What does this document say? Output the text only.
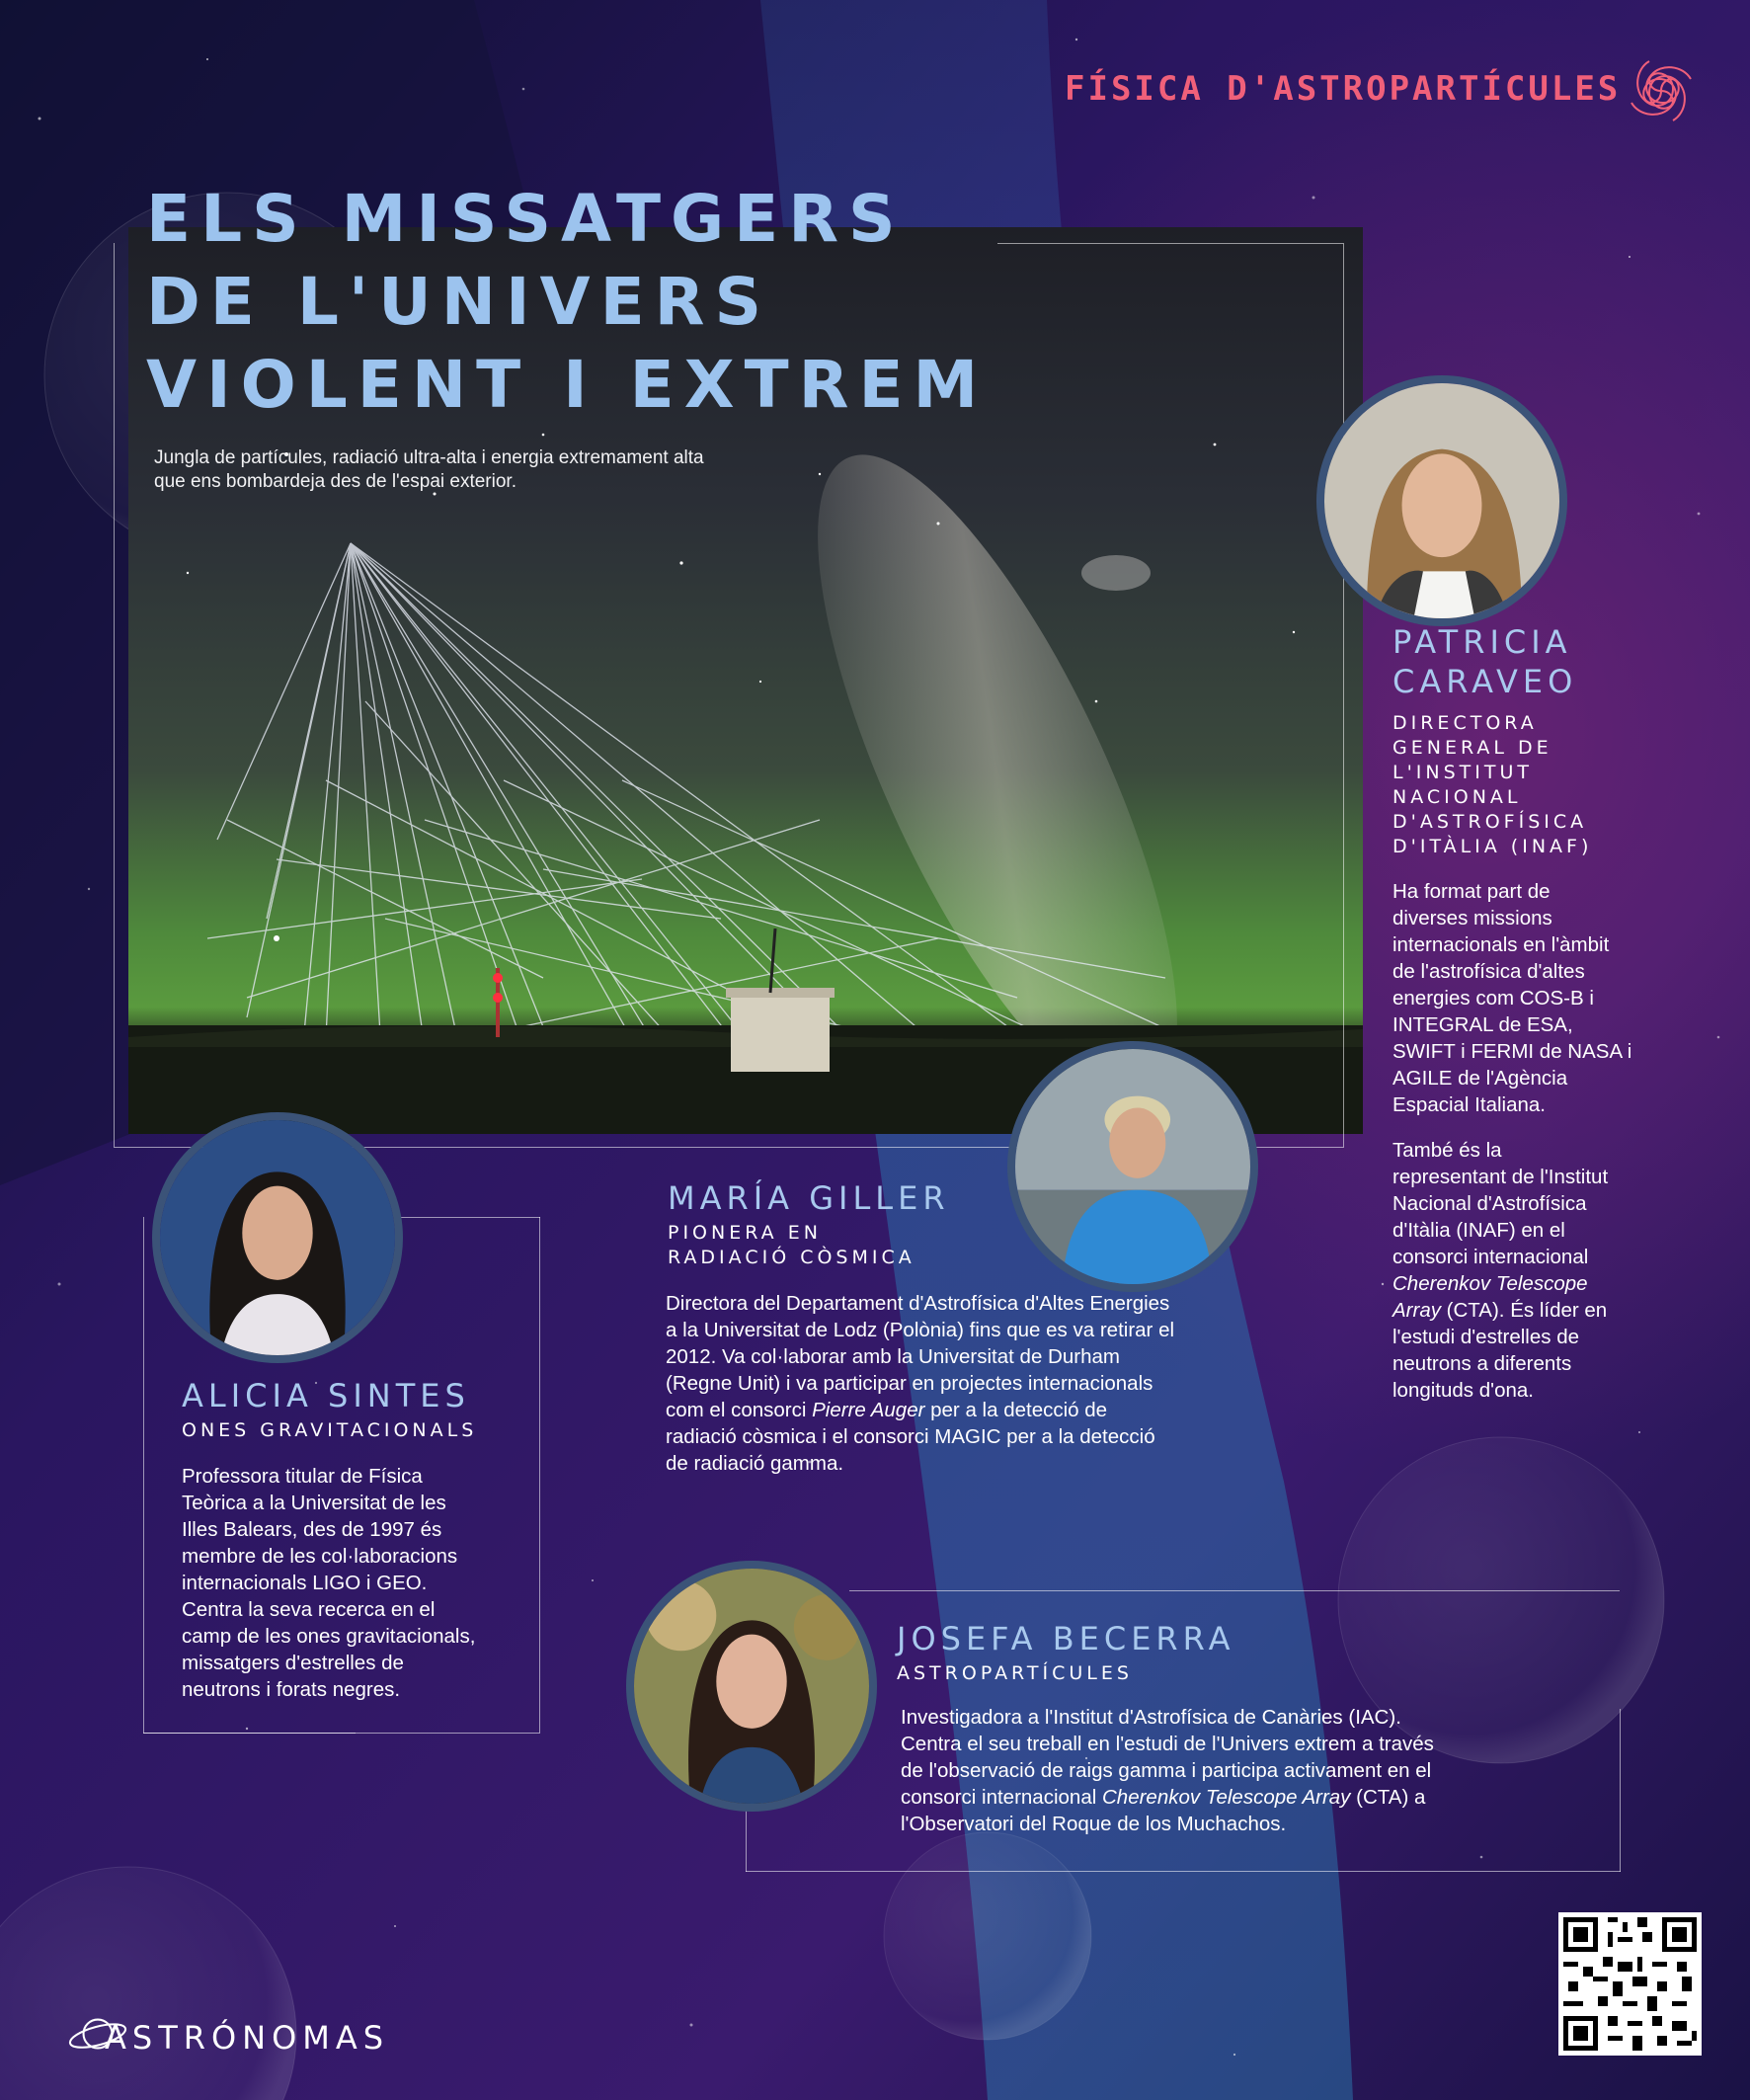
FÍSICA D'ASTROPARTÍCULES
ELS MISSATGERS
DE L'UNIVERS
VIOLENT I EXTREM
Jungla de partícules, radiació ultra-alta i energia extremament alta
que ens bombardeja des de l'espai exterior.
PATRICIA
CARAVEO
DIRECTORA
GENERAL DE
L'INSTITUT
NACIONAL
D'ASTROFÍSICA
D'ITÀLIA (INAF)
Ha format part de
diverses missions
internacionals en l'àmbit
de l'astrofísica d'altes
energies com COS-B i
INTEGRAL de ESA,
SWIFT i FERMI de NASA i
AGILE de l'Agència
Espacial Italiana.
També és la
representant de l'Institut
Nacional d'Astrofísica
d'Itàlia (INAF) en el
consorci internacional
Cherenkov Telescope
Array (CTA). És líder en
l'estudi d'estrelles de
neutrons a diferents
longituds d'ona.
MARÍA GILLER
PIONERA EN
RADIACIÓ CÒSMICA
Directora del Departament d'Astrofísica d'Altes Energies
a la Universitat de Lodz (Polònia) fins que es va retirar el
2012. Va col·laborar amb la Universitat de Durham
(Regne Unit) i va participar en projectes internacionals
com el consorci Pierre Auger per a la detecció de
radiació còsmica i el consorci MAGIC per a la detecció
de radiació gamma.
ALICIA SINTES
ONES GRAVITACIONALS
Professora titular de Física
Teòrica a la Universitat de les
Illes Balears, des de 1997 és
membre de les col·laboracions
internacionals LIGO i GEO.
Centra la seva recerca en el
camp de les ones gravitacionals,
missatgers d'estrelles de
neutrons i forats negres.
JOSEFA BECERRA
ASTROPARTÍCULES
Investigadora a l'Institut d'Astrofísica de Canàries (IAC).
Centra el seu treball en l'estudi de l'Univers extrem a través
de l'observació de raigs gamma i participa activament en el
consorci internacional Cherenkov Telescope Array (CTA) a
l'Observatori del Roque de los Muchachos.
ASTRÓNOMAS
